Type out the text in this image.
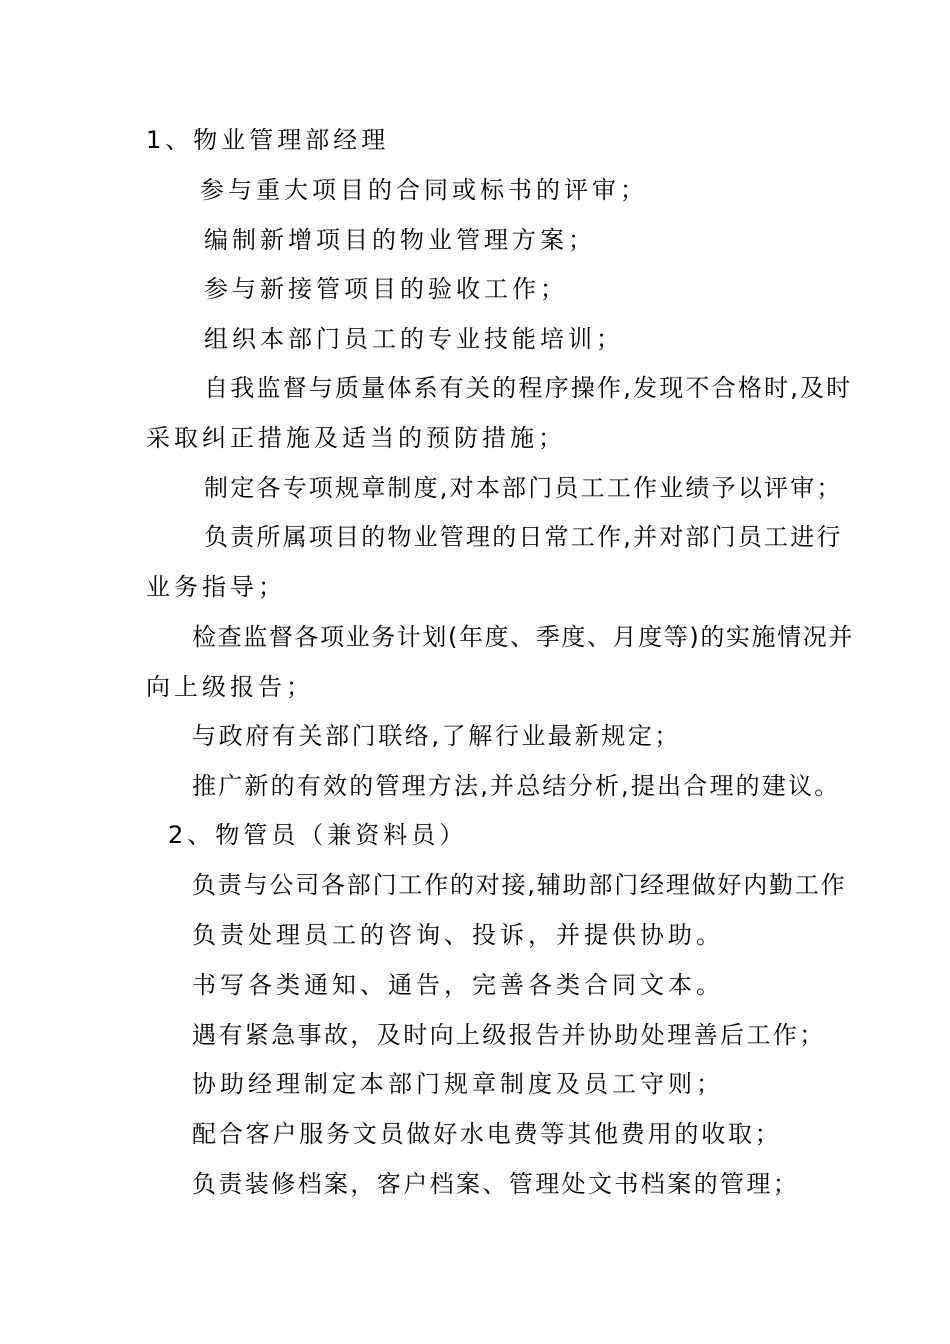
1、物业管理部经理
参与重大项目的合同或标书的评审；
编制新增项目的物业管理方案；
参与新接管项目的验收工作；
组织本部门员工的专业技能培训；
自我监督与质量体系有关的程序操作,发现不合格时,及时
采取纠正措施及适当的预防措施；
制定各专项规章制度,对本部门员工工作业绩予以评审；
负责所属项目的物业管理的日常工作,并对部门员工进行
业务指导；
检查监督各项业务计划(年度、季度、月度等)的实施情况并
向上级报告；
与政府有关部门联络,了解行业最新规定；
推广新的有效的管理方法,并总结分析,提出合理的建议。
2、物管员（兼资料员）
负责与公司各部门工作的对接,辅助部门经理做好内勤工作
负责处理员工的咨询、投诉，并提供协助。
书写各类通知、通告，完善各类合同文本。
遇有紧急事故，及时向上级报告并协助处理善后工作；
协助经理制定本部门规章制度及员工守则；
配合客户服务文员做好水电费等其他费用的收取；
负责装修档案，客户档案、管理处文书档案的管理；
